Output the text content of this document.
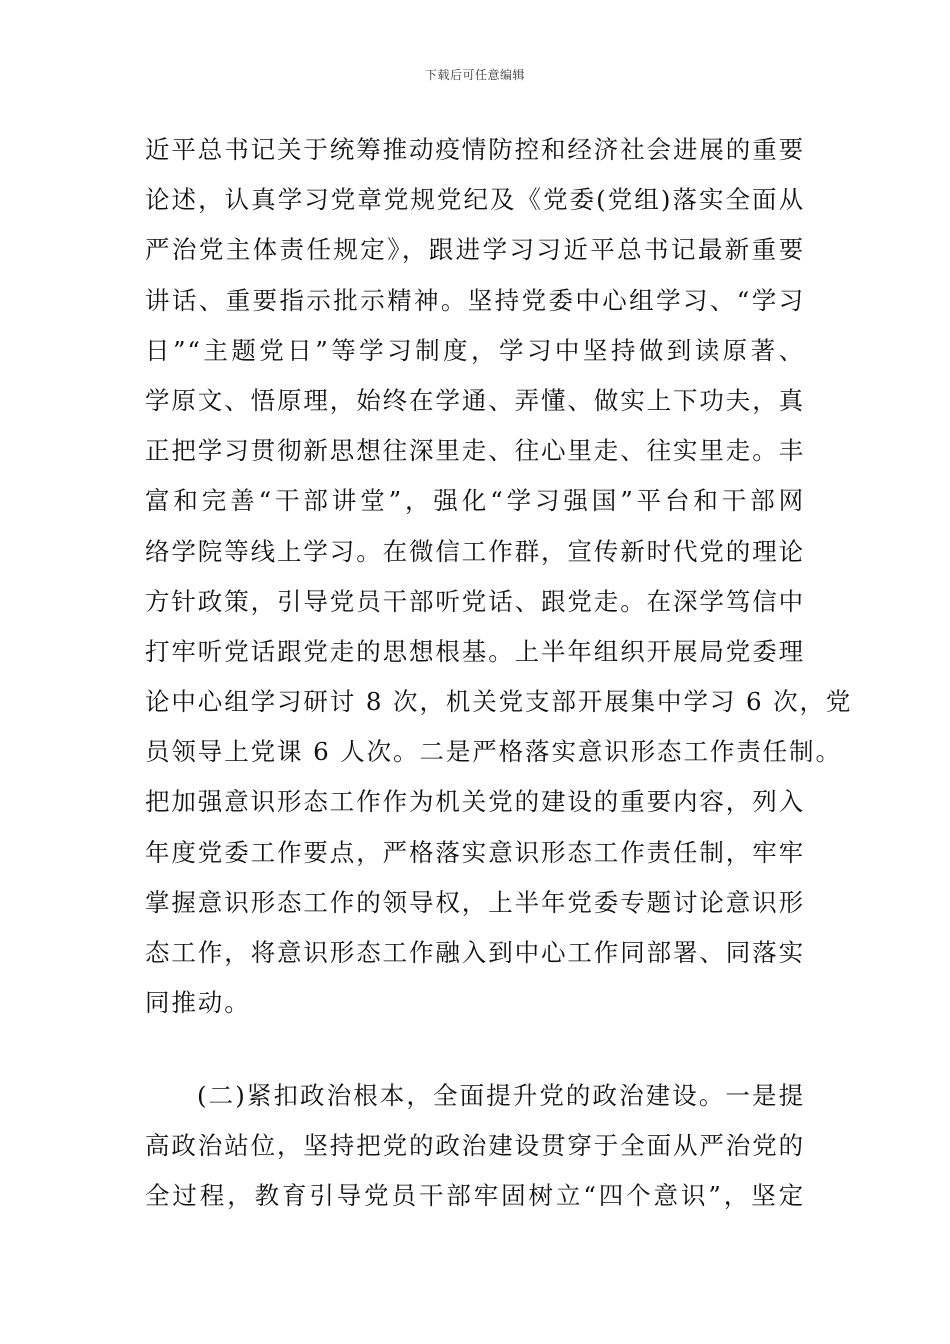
下载后可任意编辑
近平总书记关于统筹推动疫情防控和经济社会进展的重要
论述，认真学习党章党规党纪及《党委(党组)落实全面从
严治党主体责任规定》，跟进学习习近平总书记最新重要
讲话、重要指示批示精神。坚持党委中心组学习、“学习
日”“主题党日”等学习制度，学习中坚持做到读原著、
学原文、悟原理，始终在学通、弄懂、做实上下功夫，真
正把学习贯彻新思想往深里走、往心里走、往实里走。丰
富和完善“干部讲堂”，强化“学习强国”平台和干部网
络学院等线上学习。在微信工作群，宣传新时代党的理论
方针政策，引导党员干部听党话、跟党走。在深学笃信中
打牢听党话跟党走的思想根基。上半年组织开展局党委理
论中心组学习研讨 8 次，机关党支部开展集中学习 6 次，党
员领导上党课 6 人次。二是严格落实意识形态工作责任制。
把加强意识形态工作作为机关党的建设的重要内容，列入
年度党委工作要点，严格落实意识形态工作责任制，牢牢
掌握意识形态工作的领导权，上半年党委专题讨论意识形
态工作，将意识形态工作融入到中心工作同部署、同落实
同推动。
(二)紧扣政治根本，全面提升党的政治建设。一是提
高政治站位，坚持把党的政治建设贯穿于全面从严治党的
全过程，教育引导党员干部牢固树立“四个意识”，坚定
